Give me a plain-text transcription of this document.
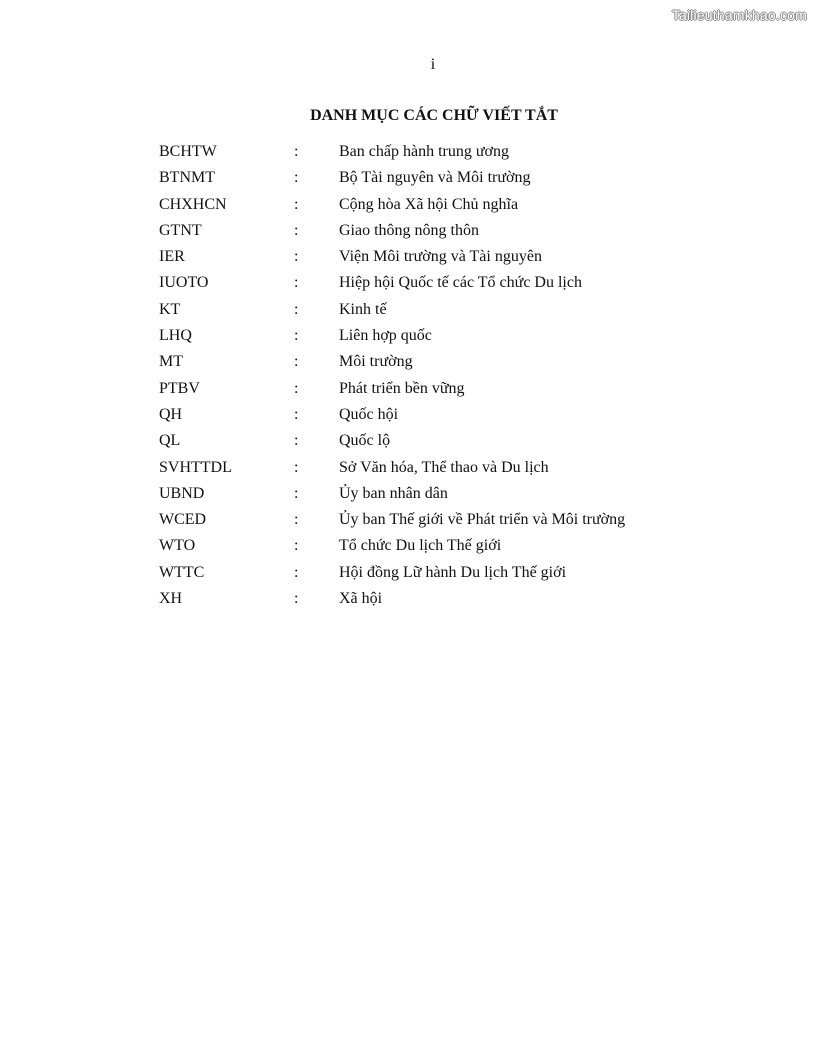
Tailieuthamkhao.com
i
DANH MỤC CÁC CHỮ VIẾT TẮT
BCHTW	:	Ban chấp hành trung ương
BTNMT	:	Bộ Tài nguyên và Môi trường
CHXHCN	:	Cộng hòa Xã hội Chủ nghĩa
GTNT	:	Giao thông nông thôn
IER	:	Viện Môi trường và Tài nguyên
IUOTO	:	Hiệp hội Quốc tế các Tổ chức Du lịch
KT	:	Kinh tế
LHQ	:	Liên hợp quốc
MT	:	Môi trường
PTBV	:	Phát triển bền vững
QH	:	Quốc hội
QL	:	Quốc lộ
SVHTTDL	:	Sở Văn hóa, Thể thao và Du lịch
UBND	:	Ủy ban nhân dân
WCED	:	Ủy ban Thế giới về Phát triển và Môi trường
WTO	:	Tổ chức Du lịch Thế giới
WTTC	:	Hội đồng Lữ hành Du lịch Thế giới
XH	:	Xã hội
